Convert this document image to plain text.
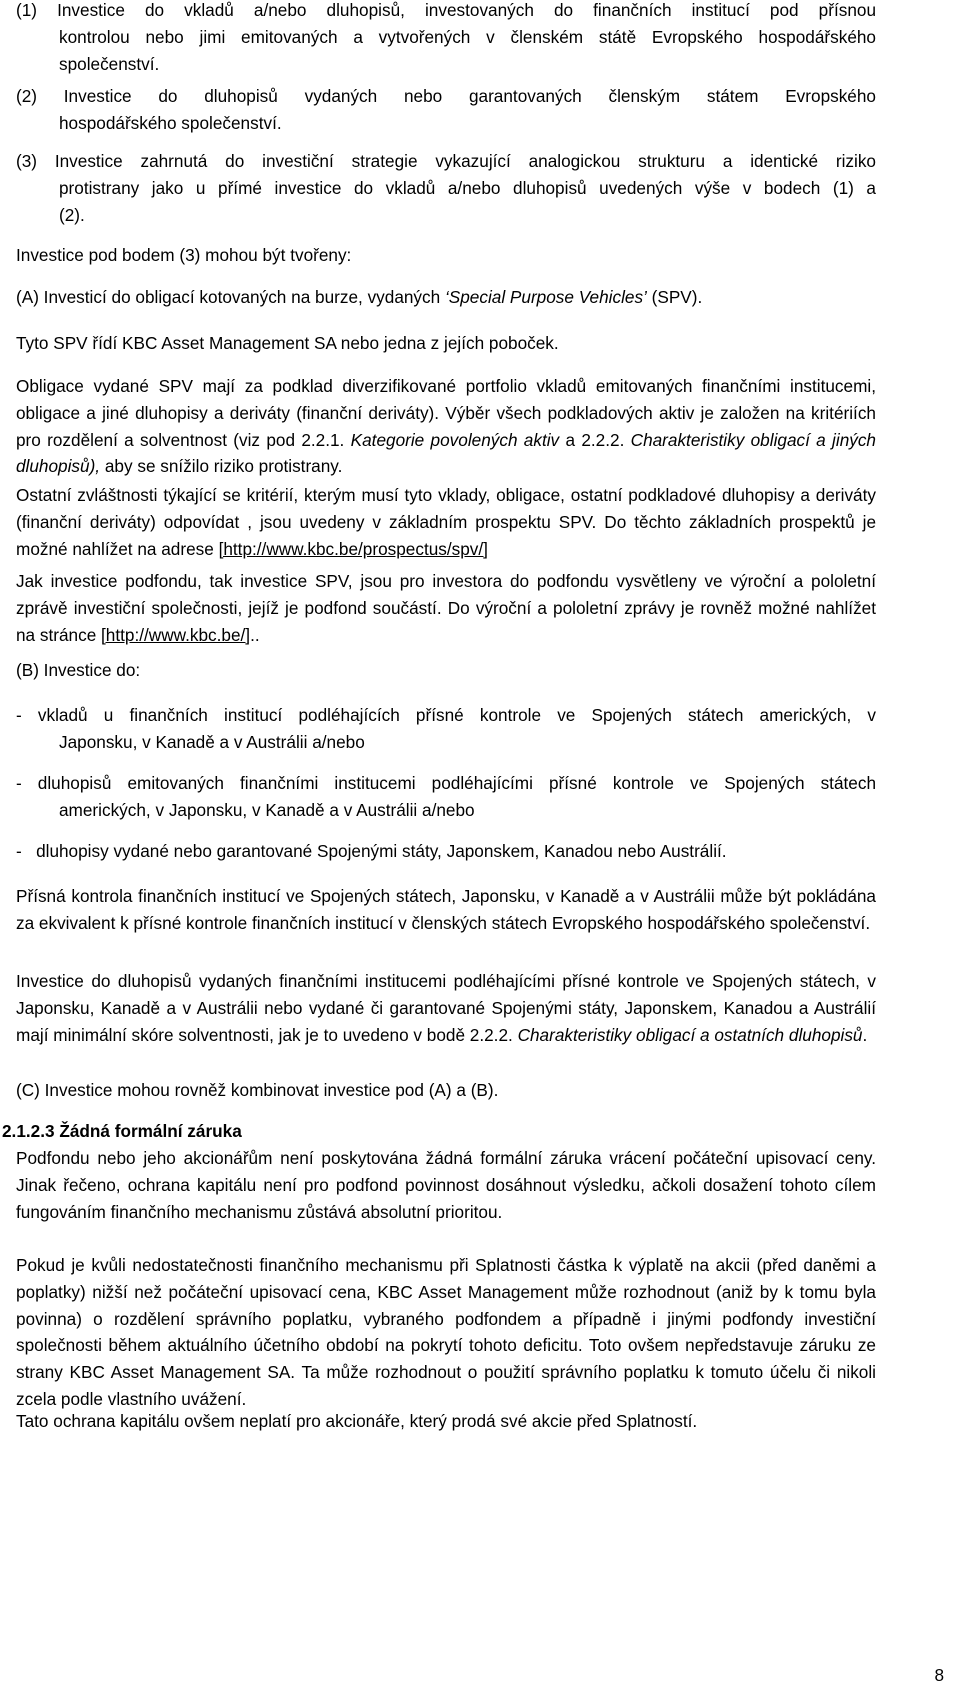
(1) Investice do vkladů a/nebo dluhopisů, investovaných do finančních institucí pod přísnou
kontrolou nebo jimi emitovaných a vytvořených v členském státě Evropského hospodářského
společenství.
(2) Investice do dluhopisů vydaných nebo garantovaných členským státem Evropského
hospodářského společenství.
(3) Investice zahrnutá do investiční strategie vykazující analogickou strukturu a identické riziko
protistrany jako u přímé investice do vkladů a/nebo dluhopisů uvedených výše v bodech (1) a
(2).
Investice pod bodem (3) mohou být tvořeny:
(A) Investicí do obligací kotovaných na burze, vydaných ‘Special Purpose Vehicles’ (SPV).
Tyto SPV řídí KBC Asset Management SA nebo jedna z jejích poboček.
Obligace vydané SPV mají za podklad diverzifikované portfolio vkladů emitovaných finančními institucemi, obligace a jiné dluhopisy a deriváty (finanční deriváty). Výběr všech podkladových aktiv je založen na kritériích pro rozdělení a solventnost (viz pod 2.2.1. Kategorie povolených aktiv a 2.2.2. Charakteristiky obligací a jiných dluhopisů), aby se snížilo riziko protistrany.
Ostatní zvláštnosti týkající se kritérií, kterým musí tyto vklady, obligace, ostatní podkladové dluhopisy a deriváty (finanční deriváty) odpovídat , jsou uvedeny v základním prospektu SPV. Do těchto základních prospektů je možné nahlížet na adrese [http://www.kbc.be/prospectus/spv/]
Jak investice podfondu, tak investice SPV, jsou pro investora do podfondu vysvětleny ve výroční a pololetní zprávě investiční společnosti, jejíž je podfond součástí. Do výroční a pololetní zprávy je rovněž možné nahlížet na stránce [http://www.kbc.be/]..
(B) Investice do:
- vkladů u finančních institucí podléhajících přísné kontrole ve Spojených státech amerických, v
Japonsku, v Kanadě a v Austrálii a/nebo
- dluhopisů emitovaných finančními institucemi podléhajícími přísné kontrole ve Spojených státech
amerických, v Japonsku, v Kanadě a v Austrálii a/nebo
-   dluhopisy vydané nebo garantované Spojenými státy, Japonskem, Kanadou nebo Austrálií.
Přísná kontrola finančních institucí ve Spojených státech, Japonsku, v Kanadě a v Austrálii může být pokládána za ekvivalent k přísné kontrole finančních institucí v členských státech Evropského hospodářského společenství.
Investice do dluhopisů vydaných finančními institucemi podléhajícími přísné kontrole ve Spojených státech, v Japonsku, Kanadě a v Austrálii nebo vydané či garantované Spojenými státy, Japonskem, Kanadou a Austrálií mají minimální skóre solventnosti, jak je to uvedeno v bodě 2.2.2. Charakteristiky obligací a ostatních dluhopisů.
(C) Investice mohou rovněž kombinovat investice pod (A) a (B).
2.1.2.3 Žádná formální záruka
Podfondu nebo jeho akcionářům není poskytována žádná formální záruka vrácení počáteční upisovací ceny. Jinak řečeno, ochrana kapitálu není pro podfond povinnost dosáhnout výsledku, ačkoli dosažení tohoto cílem fungováním finančního mechanismu zůstává absolutní prioritou.
Pokud je kvůli nedostatečnosti finančního mechanismu při Splatnosti částka k výplatě na akcii (před daněmi a poplatky) nižší než počáteční upisovací cena, KBC Asset Management může rozhodnout (aniž by k tomu byla povinna) o rozdělení správního poplatku, vybraného podfondem a případně i jinými podfondy investiční společnosti během aktuálního účetního období na pokrytí tohoto deficitu. Toto ovšem nepředstavuje záruku ze strany KBC Asset Management SA. Ta může rozhodnout o použití správního poplatku k tomuto účelu či nikoli zcela podle vlastního uvážení.
Tato ochrana kapitálu ovšem neplatí pro akcionáře, který prodá své akcie před Splatností.
8
